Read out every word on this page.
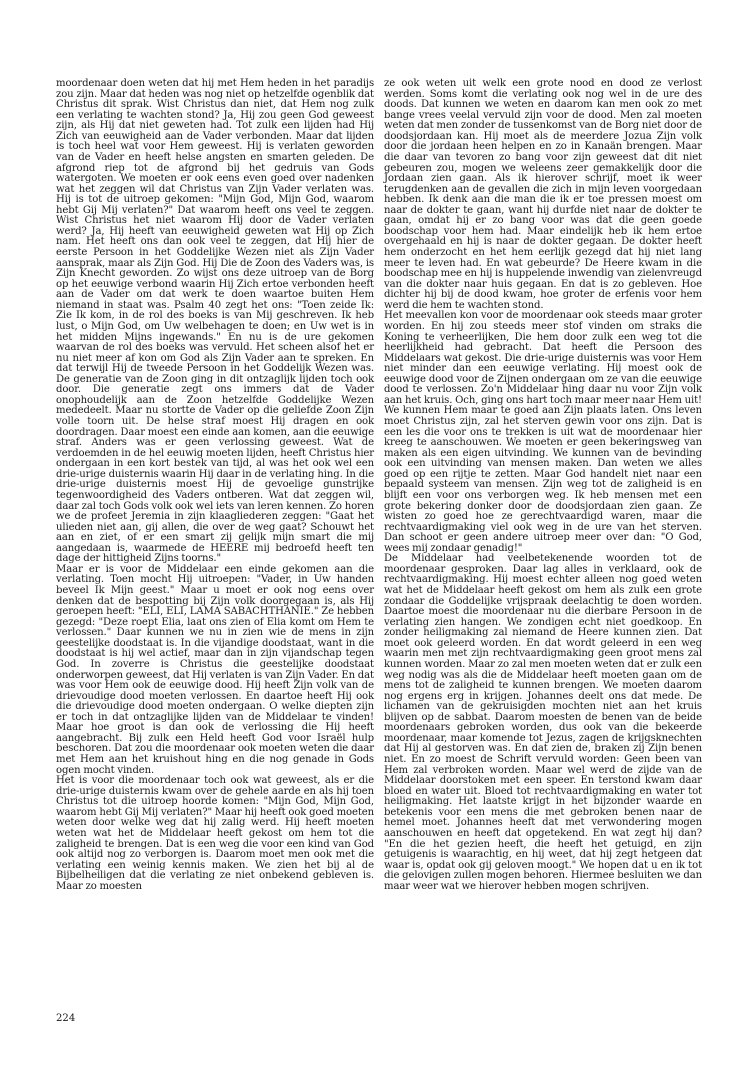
moordenaar doen weten dat hij met Hem heden in het paradijs zou zijn. Maar dat heden was nog niet op hetzelfde ogenblik dat Christus dit sprak. Wist Christus dan niet, dat Hem nog zulk een verlating te wachten stond? Ja, Hij zou geen God geweest zijn, als Hij dat niet geweten had. Tot zulk een lijden had Hij Zich van eeuwigheid aan de Vader verbonden. Maar dat lijden is toch heel wat voor Hem geweest. Hij is verlaten geworden van de Vader en heeft helse angsten en smarten geleden. De afgrond riep tot de afgrond bij het gedruis van Gods watergoten. We moeten er ook eens even goed over nadenken wat het zeggen wil dat Christus van Zijn Vader verlaten was. Hij is tot de uitroep gekomen: "Mijn God, Mijn God, waarom hebt Gij Mij verlaten?" Dat waarom heeft ons veel te zeggen. Wist Christus het niet waarom Hij door de Vader verlaten werd? Ja, Hij heeft van eeuwigheid geweten wat Hij op Zich nam. Het heeft ons dan ook veel te zeggen, dat Hij hier de eerste Persoon in het Goddelijke Wezen niet als Zijn Vader aansprak, maar als Zijn God. Hij Die de Zoon des Vaders was, is Zijn Knecht geworden. Zo wijst ons deze uitroep van de Borg op het eeuwige verbond waarin Hij Zich ertoe verbonden heeft aan de Vader om dat werk te doen waartoe buiten Hem niemand in staat was. Psalm 40 zegt het ons: "Toen zeide Ik: Zie Ik kom, in de rol des boeks is van Mij geschreven. Ik heb lust, o Mijn God, om Uw welbehagen te doen; en Uw wet is in het midden Mijns ingewands." En nu is de ure gekomen waarvan de rol des boeks was vervuld. Het scheen alsof het er nu niet meer af kon om God als Zijn Vader aan te spreken. En dat terwijl Hij de tweede Persoon in het Goddelijk Wezen was. De generatie van de Zoon ging in dit ontzaglijk lijden toch ook door. Die generatie zegt ons immers dat de Vader onophoudelijk aan de Zoon hetzelfde Goddelijke Wezen mededeelt. Maar nu stortte de Vader op die geliefde Zoon Zijn volle toorn uit. De helse straf moest Hij dragen en ook doordragen. Daar moest een einde aan komen, aan die eeuwige straf. Anders was er geen verlossing geweest. Wat de verdoemden in de hel eeuwig moeten lijden, heeft Christus hier ondergaan in een kort bestek van tijd, al was het ook wel een drie-urige duisternis waarin Hij daar in de verlating hing. In die drie-urige duisternis moest Hij de gevoelige gunstrijke tegenwoordigheid des Vaders ontberen. Wat dat zeggen wil, daar zal toch Gods volk ook wel iets van leren kennen. Zo horen we de profeet Jeremia in zijn klaagliederen zeggen: "Gaat het ulieden niet aan, gij allen, die over de weg gaat? Schouwt het aan en ziet, of er een smart zij gelijk mijn smart die mij aangedaan is, waarmede de HEERE mij bedroefd heeft ten dage der hittigheid Zijns toorns."

Maar er is voor de Middelaar een einde gekomen aan die verlating. Toen mocht Hij uitroepen: "Vader, in Uw handen beveel Ik Mijn geest." Maar u moet er ook nog eens over denken dat de bespotting bij Zijn volk doorgegaan is, als Hij geroepen heeft: "ELI, ELI, LAMA SABACHTHANIE." Ze hebben gezegd: "Deze roept Elia, laat ons zien of Elia komt om Hem te verlossen." Daar kunnen we nu in zien wie de mens in zijn geestelijke doodstaat is. In die vijandige doodstaat, want in die doodstaat is hij wel actief, maar dan in zijn vijandschap tegen God. In zoverre is Christus die geestelijke doodstaat onderworpen geweest, dat Hij verlaten is van Zijn Vader. En dat was voor Hem ook de eeuwige dood. Hij heeft Zijn volk van de drievoudige dood moeten verlossen. En daartoe heeft Hij ook die drievoudige dood moeten ondergaan. O welke diepten zijn er toch in dat ontzaglijke lijden van de Middelaar te vinden! Maar hoe groot is dan ook de verlossing die Hij heeft aangebracht. Bij zulk een Held heeft God voor Israël hulp beschoren. Dat zou die moordenaar ook moeten weten die daar met Hem aan het kruishout hing en die nog genade in Gods ogen mocht vinden.

Het is voor die moordenaar toch ook wat geweest, als er die drie-urige duisternis kwam over de gehele aarde en als hij toen Christus tot die uitroep hoorde komen: "Mijn God, Mijn God, waarom hebt Gij Mij verlaten?" Maar hij heeft ook goed moeten weten door welke weg dat hij zalig werd. Hij heeft moeten weten wat het de Middelaar heeft gekost om hem tot die zaligheid te brengen. Dat is een weg die voor een kind van God ook altijd nog zo verborgen is. Daarom moet men ook met die verlating een weinig kennis maken. We zien het bij al de Bijbelheiligen dat die verlating ze niet onbekend gebleven is. Maar zo moesten

ze ook weten uit welk een grote nood en dood ze verlost werden. Soms komt die verlating ook nog wel in de ure des doods. Dat kunnen we weten en daarom kan men ook zo met bange vrees veelal vervuld zijn voor de dood. Men zal moeten weten dat men zonder de tussenkomst van de Borg niet door de doodsjordaan kan. Hij moet als de meerdere Jozua Zijn volk door die jordaan heen helpen en zo in Kanaän brengen. Maar die daar van tevoren zo bang voor zijn geweest dat dit niet gebeuren zou, mogen we weleens zeer gemakkelijk door die Jordaan zien gaan. Als ik hierover schrijf, moet ik weer terugdenken aan de gevallen die zich in mijn leven voorgedaan hebben. Ik denk aan die man die ik er toe pressen moest om naar de dokter te gaan, want hij durfde niet naar de dokter te gaan, omdat hij er zo bang voor was dat die geen goede boodschap voor hem had. Maar eindelijk heb ik hem ertoe overgehaald en hij is naar de dokter gegaan. De dokter heeft hem onderzocht en het hem eerlijk gezegd dat hij niet lang meer te leven had. En wat gebeurde? De Heere kwam in die boodschap mee en hij is huppelende inwendig van zielenvreugd van die dokter naar huis gegaan. En dat is zo gebleven. Hoe dichter hij bij de dood kwam, hoe groter de erfenis voor hem werd die hem te wachten stond.

Het meevallen kon voor de moordenaar ook steeds maar groter worden. En hij zou steeds meer stof vinden om straks die Koning te verheerlijken, Die hem door zulk een weg tot die heerlijkheid had gebracht. Dat heeft die Persoon des Middelaars wat gekost. Die drie-urige duisternis was voor Hem niet minder dan een eeuwige verlating. Hij moest ook de eeuwige dood voor de Zijnen ondergaan om ze van die eeuwige dood te verlossen. Zo'n Middelaar hing daar nu voor Zijn volk aan het kruis. Och, ging ons hart toch maar meer naar Hem uit! We kunnen Hem maar te goed aan Zijn plaats laten. Ons leven moet Christus zijn, zal het sterven gewin voor ons zijn. Dat is een les die voor ons te trekken is uit wat de moordenaar hier kreeg te aanschouwen. We moeten er geen bekeringsweg van maken als een eigen uitvinding. We kunnen van de bevinding ook een uitvinding van mensen maken. Dan weten we alles goed op een rijtje te zetten. Maar God handelt niet naar een bepaald systeem van mensen. Zijn weg tot de zaligheid is en blijft een voor ons verborgen weg. Ik heb mensen met een grote bekering donker door de doodsjordaan zien gaan. Ze wisten zo goed hoe ze gerechtvaardigd waren, maar die rechtvaardigmaking viel ook weg in de ure van het sterven. Dan schoot er geen andere uitroep meer over dan: "O God, wees mij zondaar genadig!"

De Middelaar had veelbetekenende woorden tot de moordenaar gesproken. Daar lag alles in verklaard, ook de rechtvaardigmaking. Hij moest echter alleen nog goed weten wat het de Middelaar heeft gekost om hem als zulk een grote zondaar die Goddelijke vrijspraak deelachtig te doen worden. Daartoe moest die moordenaar nu die dierbare Persoon in de verlating zien hangen. We zondigen echt niet goedkoop. En zonder heiligmaking zal niemand de Heere kunnen zien. Dat moet ook geleerd worden. En dat wordt geleerd in een weg waarin men met zijn rechtvaardigmaking geen groot mens zal kunnen worden. Maar zo zal men moeten weten dat er zulk een weg nodig was als die de Middelaar heeft moeten gaan om de mens tot de zaligheid te kunnen brengen. We moeten daarom nog ergens erg in krijgen. Johannes deelt ons dat mede. De lichamen van de gekruisigden mochten niet aan het kruis blijven op de sabbat. Daarom moesten de benen van de beide moordenaars gebroken worden, dus ook van die bekeerde moordenaar, maar komende tot Jezus, zagen de krijgsknechten dat Hij al gestorven was. En dat zien de, braken zij Zijn benen niet. En zo moest de Schrift vervuld worden: Geen been van Hem zal verbroken worden. Maar wel werd de zijde van de Middelaar doorstoken met een speer. En terstond kwam daar bloed en water uit. Bloed tot rechtvaardigmaking en water tot heiligmaking. Het laatste krijgt in het bijzonder waarde en betekenis voor een mens die met gebroken benen naar de hemel moet. Johannes heeft dat met verwondering mogen aanschouwen en heeft dat opgetekend. En wat zegt hij dan? "En die het gezien heeft, die heeft het getuigd, en zijn getuigenis is waarachtig, en hij weet, dat hij zegt hetgeen dat waar is, opdat ook gij geloven moogt." We hopen dat u en ik tot die gelovigen zullen mogen behoren. Hiermee besluiten we dan maar weer wat we hierover hebben mogen schrijven.

224
